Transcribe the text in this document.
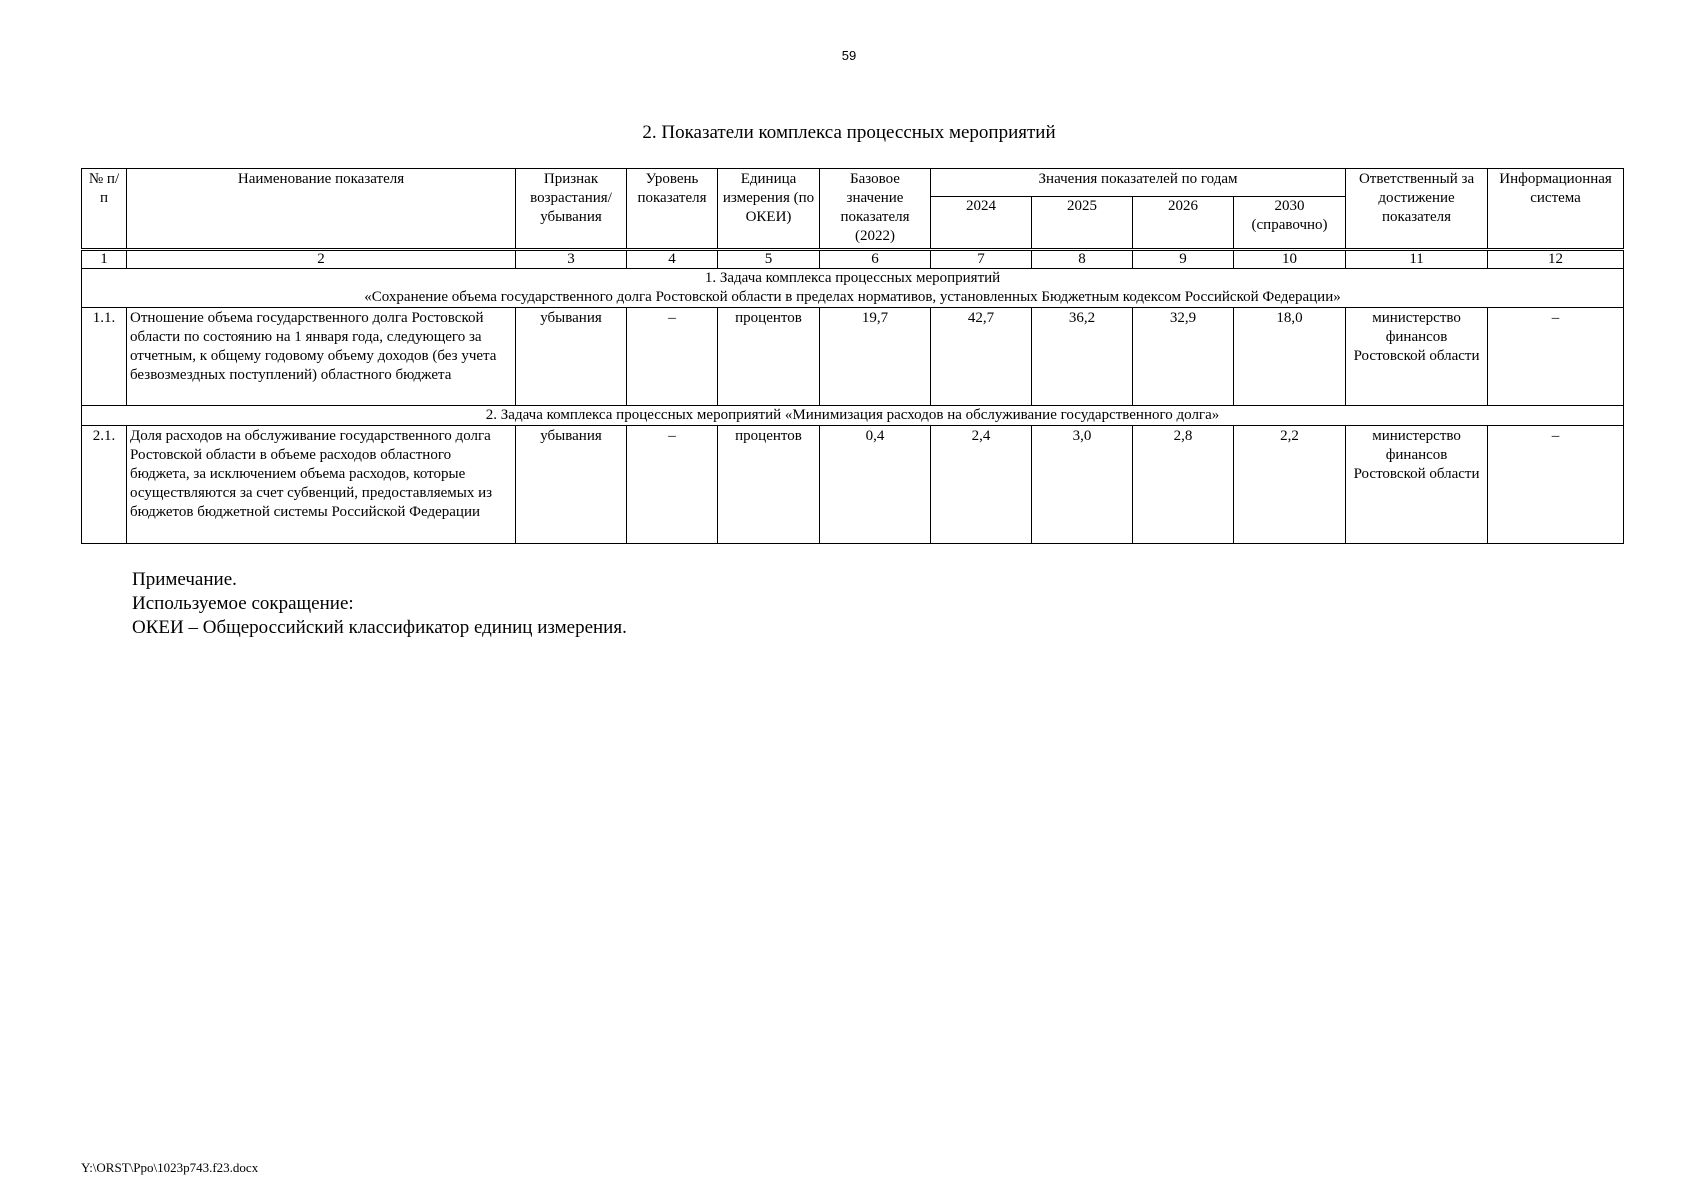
59
2. Показатели комплекса процессных мероприятий
№ п/п	Наименование показателя	Признак возрастания/ убывания	Уровень показателя	Единица измерения (по ОКЕИ)	Базовое значение показателя (2022)	Значения показателей по годам				Ответственный за достижение показателя	Информационная система
						2024	2025	2026	2030 (справочно)		
1	2	3	4	5	6	7	8	9	10	11	12

1. Задача комплекса процессных мероприятий
«Сохранение объема государственного долга Ростовской области в пределах нормативов, установленных Бюджетным кодексом Российской Федерации»											

1.1.	Отношение объема государственного долга Ростовской области по состоянию на 1 января года, следующего за отчетным, к общему годовому объему доходов (без учета безвозмездных поступлений) областного бюджета	убывания	–	процентов	19,7	42,7	36,2	32,9	18,0	министерство финансов Ростовской области	–
2. Задача комплекса процессных мероприятий «Минимизация расходов на обслуживание государственного долга»											
2.1.	Доля расходов на обслуживание государственного долга Ростовской области в объеме расходов областного бюджета, за исключением объема расходов, которые осуществляются за счет субвенций, предоставляемых из бюджетов бюджетной системы Российской Федерации	убывания	–	процентов	0,4	2,4	3,0	2,8	2,2	министерство финансов Ростовской области	–
Примечание.
Используемое сокращение:
ОКЕИ – Общероссийский классификатор единиц измерения.
Y:\ORST\Ppo\1023p743.f23.docx
